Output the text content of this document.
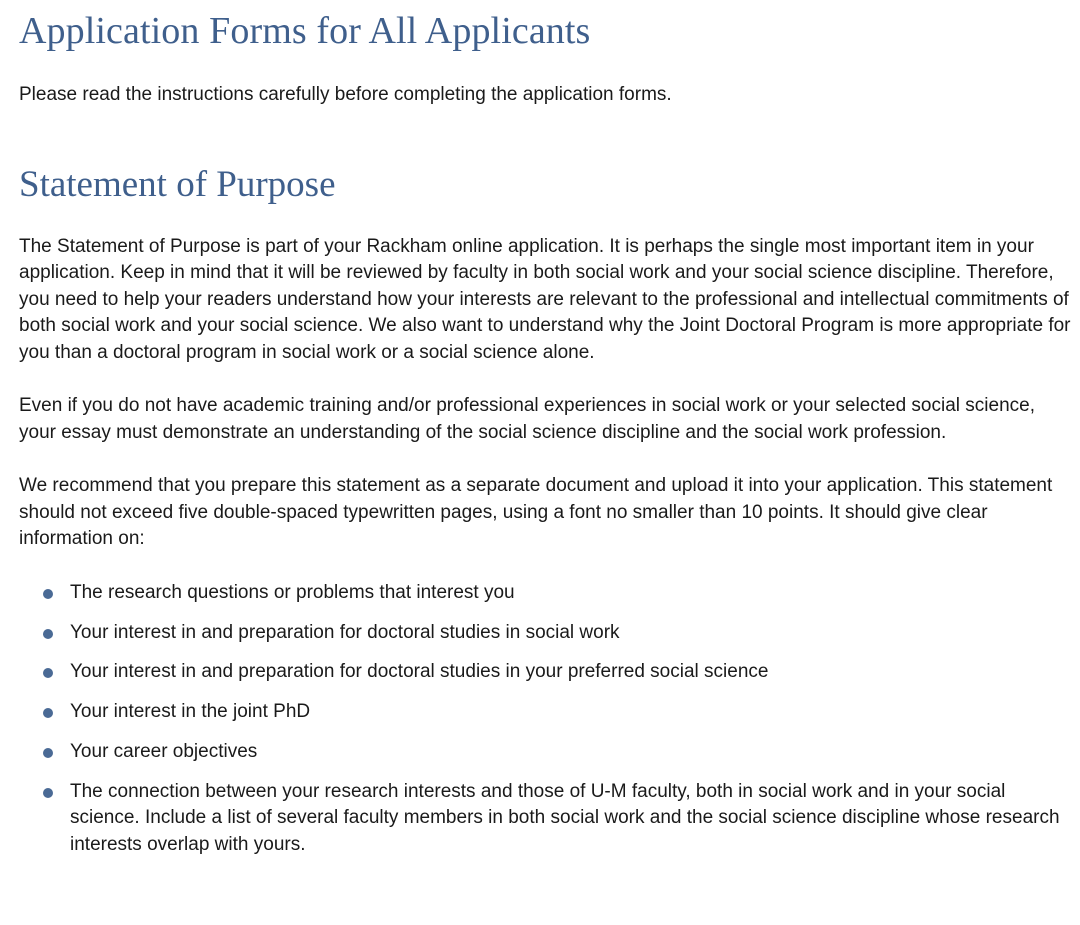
Application Forms for All Applicants

Please read the instructions carefully before completing the application forms.

Statement of Purpose

The Statement of Purpose is part of your Rackham online application. It is perhaps the single most important item in your application. Keep in mind that it will be reviewed by faculty in both social work and your social science discipline. Therefore, you need to help your readers understand how your interests are relevant to the professional and intellectual commitments of both social work and your social science. We also want to understand why the Joint Doctoral Program is more appropriate for you than a doctoral program in social work or a social science alone.

Even if you do not have academic training and/or professional experiences in social work or your selected social science, your essay must demonstrate an understanding of the social science discipline and the social work profession.

We recommend that you prepare this statement as a separate document and upload it into your application. This statement should not exceed five double-spaced typewritten pages, using a font no smaller than 10 points. It should give clear information on:

The research questions or problems that interest you
Your interest in and preparation for doctoral studies in social work
Your interest in and preparation for doctoral studies in your preferred social science
Your interest in the joint PhD
Your career objectives
The connection between your research interests and those of U-M faculty, both in social work and in your social science. Include a list of several faculty members in both social work and the social science discipline whose research interests overlap with yours.
